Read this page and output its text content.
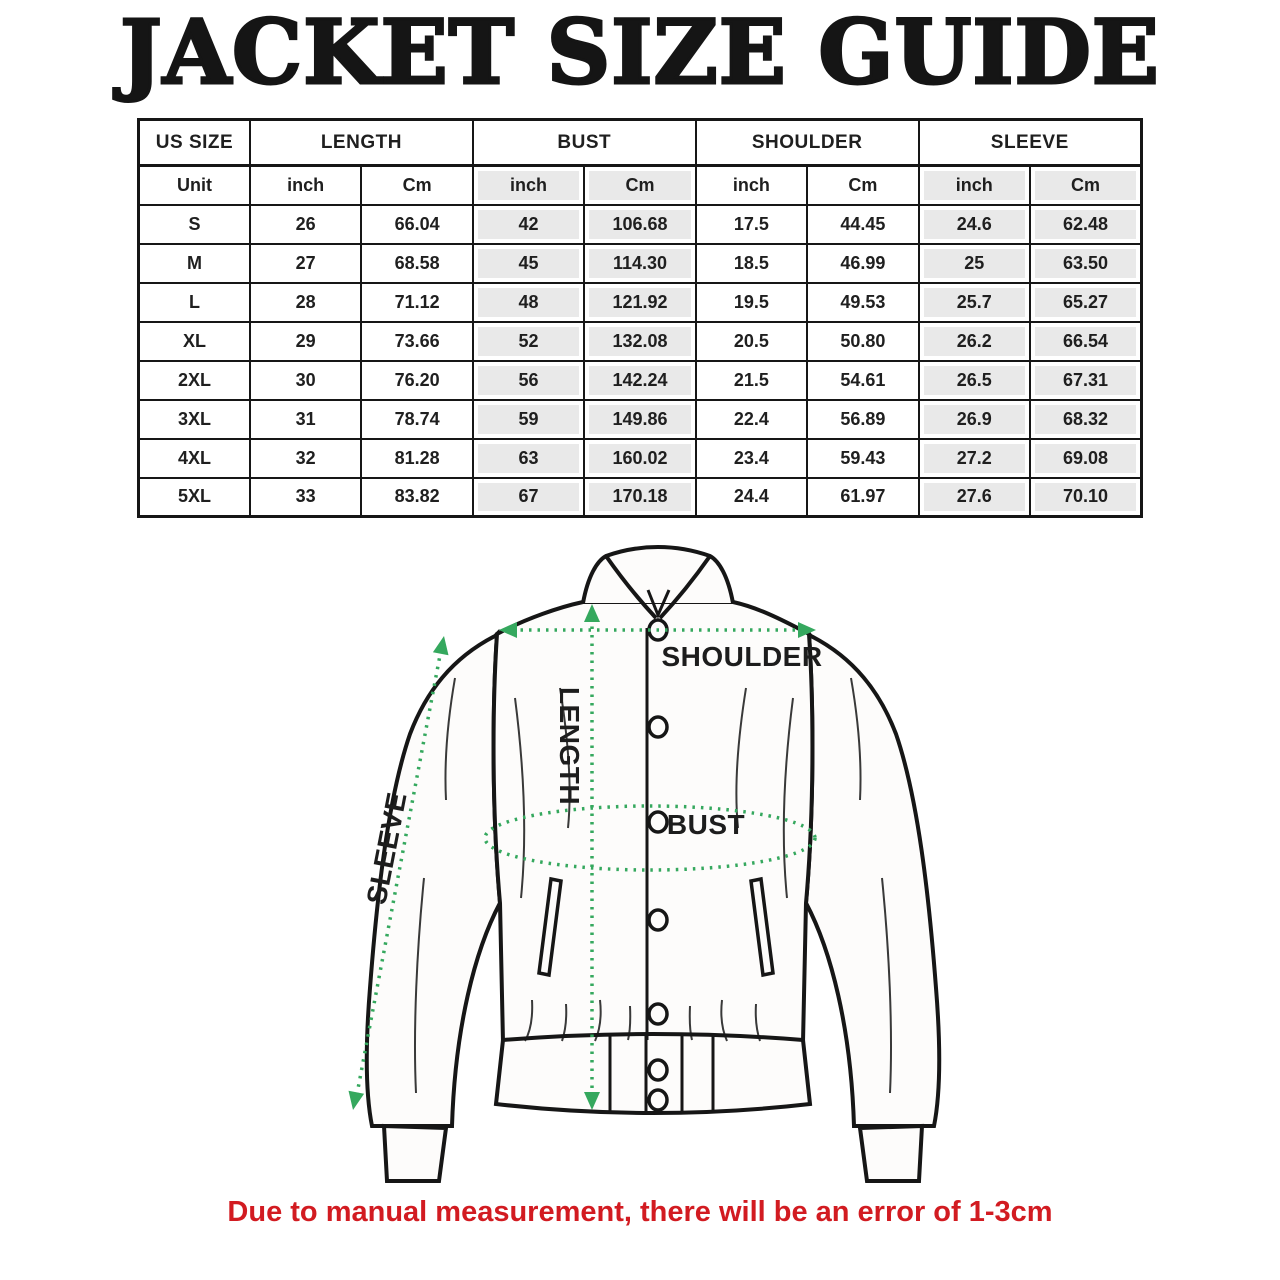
JACKET SIZE GUIDE
US SIZE	LENGTH		BUST		SHOULDER		SLEEVE	
Unit	inch	Cm	inch	Cm	inch	Cm	inch	Cm
S	26	66.04	42	106.68	17.5	44.45	24.6	62.48
M	27	68.58	45	114.30	18.5	46.99	25	63.50
L	28	71.12	48	121.92	19.5	49.53	25.7	65.27
XL	29	73.66	52	132.08	20.5	50.80	26.2	66.54
2XL	30	76.20	56	142.24	21.5	54.61	26.5	67.31
3XL	31	78.74	59	149.86	22.4	56.89	26.9	68.32
4XL	32	81.28	63	160.02	23.4	59.43	27.2	69.08
5XL	33	83.82	67	170.18	24.4	61.97	27.6	70.10
SHOULDER
LENGTH
BUST
SLEEVE
Due to manual measurement, there will be an error of 1-3cm
